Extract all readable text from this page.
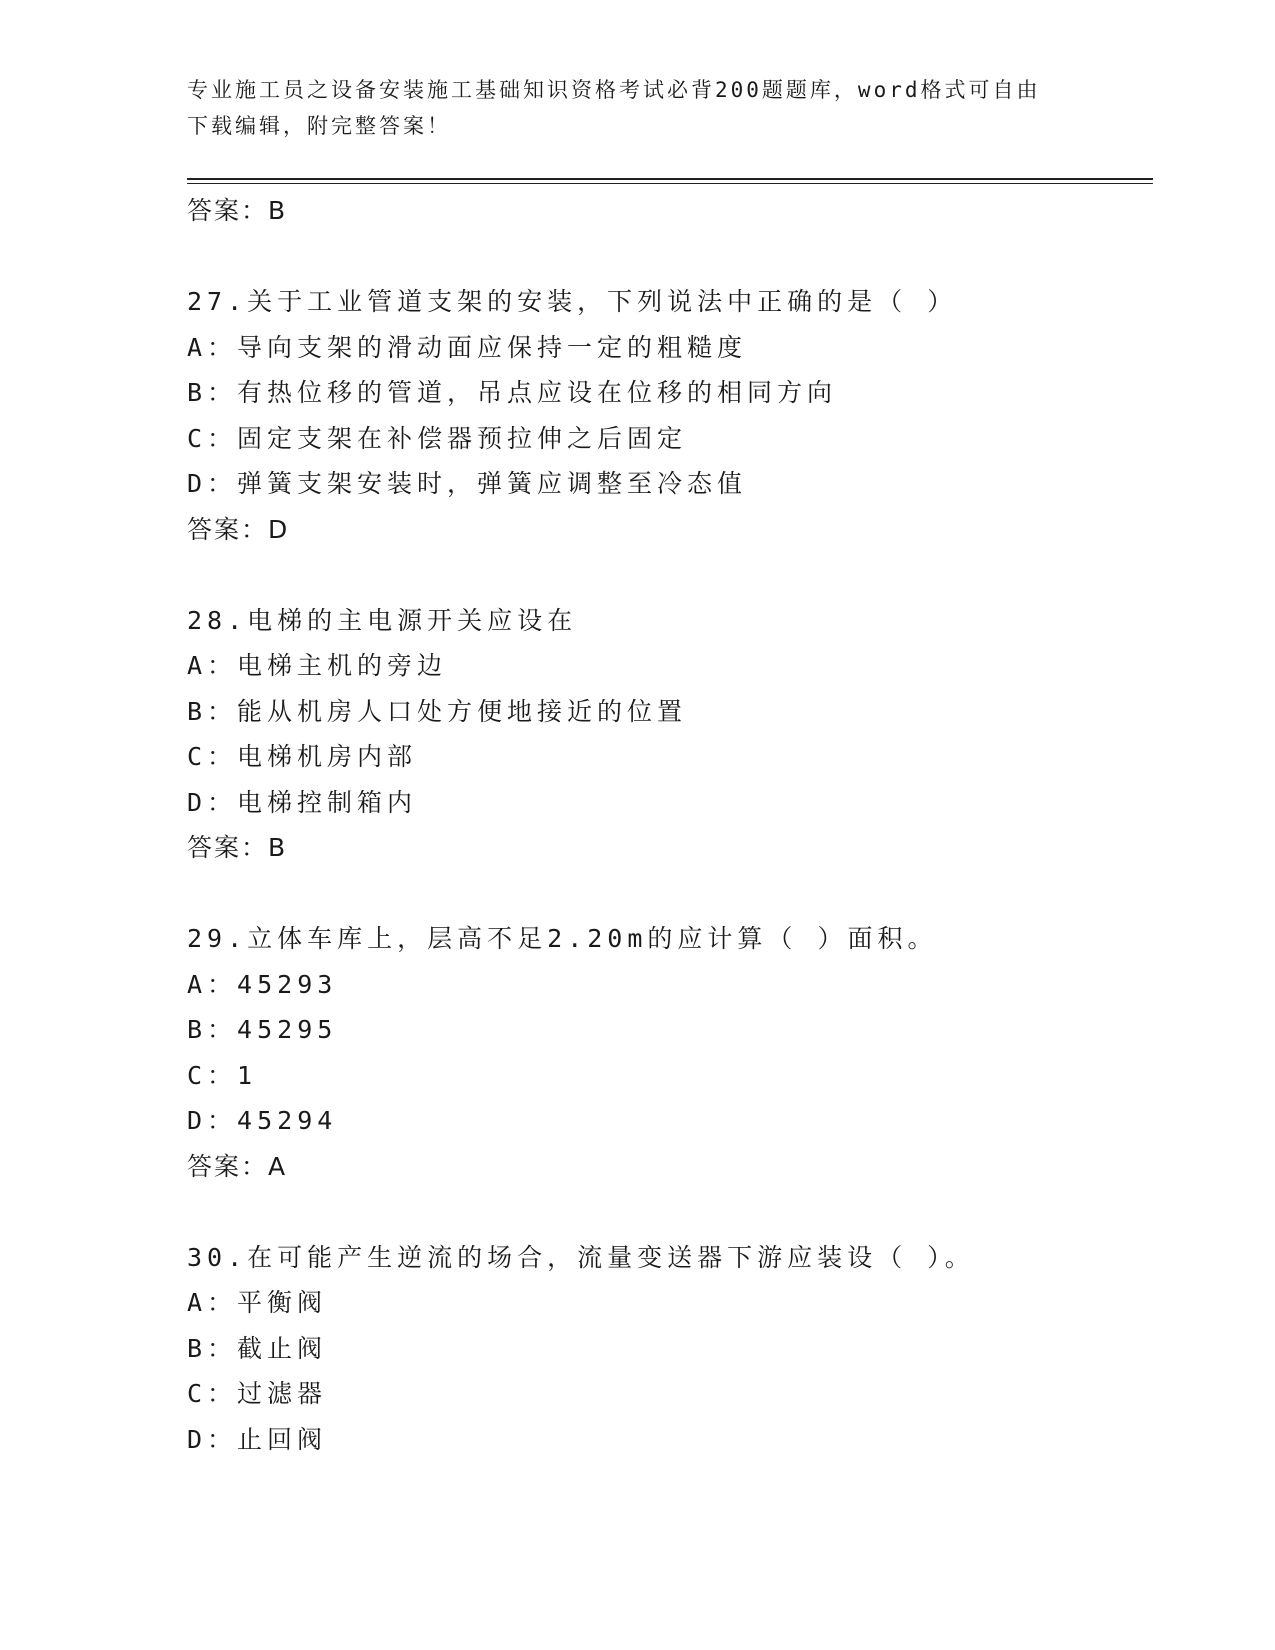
专业施工员之设备安装施工基础知识资格考试必背200题题库，word格式可自由
下载编辑，附完整答案！
答案：B
27.关于工业管道支架的安装，下列说法中正确的是（ ）
A：导向支架的滑动面应保持一定的粗糙度
B：有热位移的管道，吊点应设在位移的相同方向
C：固定支架在补偿器预拉伸之后固定
D：弹簧支架安装时，弹簧应调整至冷态值
答案：D
28.电梯的主电源开关应设在
A：电梯主机的旁边
B：能从机房人口处方便地接近的位置
C：电梯机房内部
D：电梯控制箱内
答案：B
29.立体车库上，层高不足2.20m的应计算（ ）面积。
A：45293
B：45295
C：1
D：45294
答案：A
30.在可能产生逆流的场合，流量变送器下游应装设（ ）。
A：平衡阀
B：截止阀
C：过滤器
D：止回阀
